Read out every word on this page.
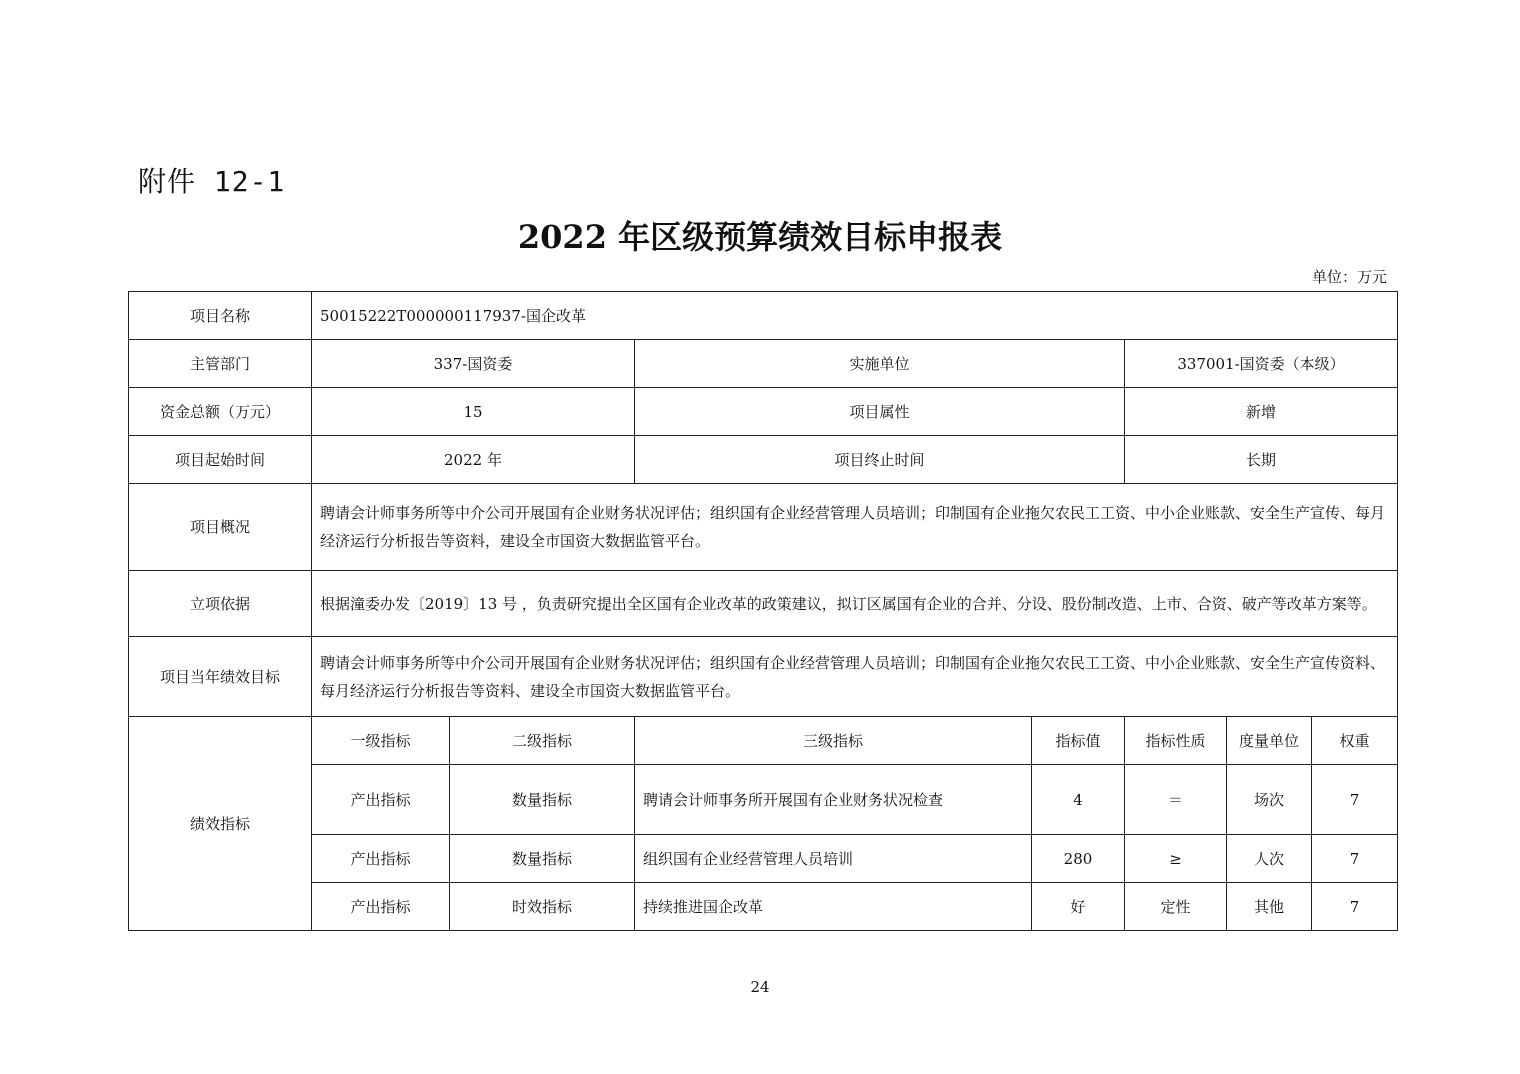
附件 12-1
2022 年区级预算绩效目标申报表
单位：万元
项目名称	50015222T000000117937-国企改革						
主管部门	337-国资委		实施单位		337001-国资委（本级）		
资金总额（万元）	15		项目属性		新增		
项目起始时间	2022 年		项目终止时间		长期		
项目概况	聘请会计师事务所等中介公司开展国有企业财务状况评估；组织国有企业经营管理人员培训；印制国有企业拖欠农民工工资、中小企业账款、安全生产宣传、每月经济运行分析报告等资料，建设全市国资大数据监管平台。						
立项依据	根据潼委办发〔2019〕13 号 ，负责研究提出全区国有企业改革的政策建议，拟订区属国有企业的合并、分设、股份制改造、上市、合资、破产等改革方案等。						
项目当年绩效目标	聘请会计师事务所等中介公司开展国有企业财务状况评估；组织国有企业经营管理人员培训；印制国有企业拖欠农民工工资、中小企业账款、安全生产宣传资料、每月经济运行分析报告等资料、建设全市国资大数据监管平台。						
绩效指标	一级指标	二级指标	三级指标	指标值	指标性质	度量单位	权重
	产出指标	数量指标	聘请会计师事务所开展国有企业财务状况检查	4	＝	场次	7
	产出指标	数量指标	组织国有企业经营管理人员培训	280	≥	人次	7
	产出指标	时效指标	持续推进国企改革	好	定性	其他	7
24
